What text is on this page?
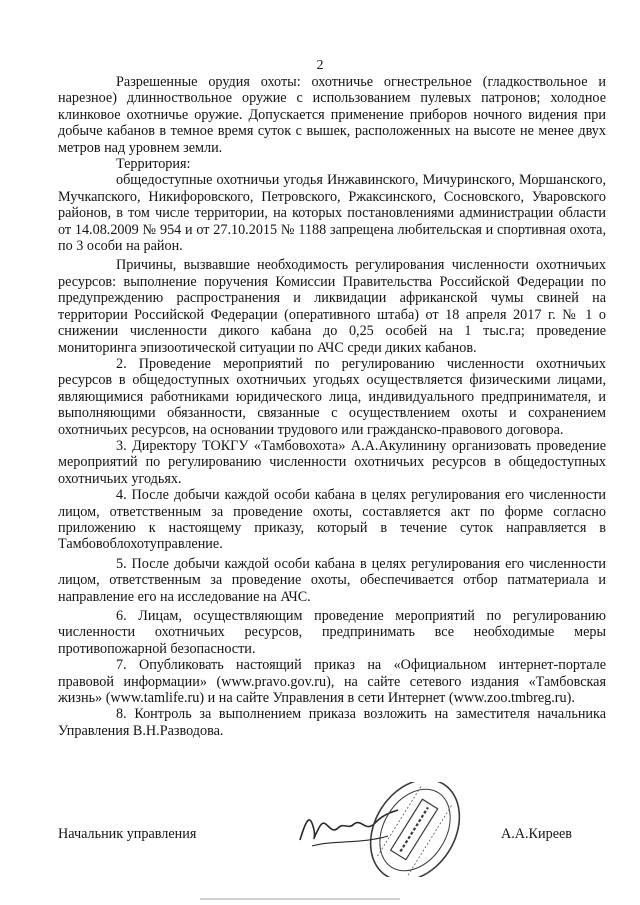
2

Разрешенные орудия охоты: охотничье огнестрельное (гладкоствольное и нарезное) длинноствольное оружие с использованием пулевых патронов; холодное клинковое охотничье оружие. Допускается применение приборов ночного видения при добыче кабанов в темное время суток с вышек, расположенных на высоте не менее двух метров над уровнем земли.

Территория:

общедоступные охотничьи угодья Инжавинского, Мичуринского, Моршанского, Мучкапского, Никифоровского, Петровского, Ржаксинского, Сосновского, Уваровского районов, в том числе территории, на которых постановлениями администрации области от 14.08.2009 № 954 и от 27.10.2015 № 1188 запрещена любительская и спортивная охота, по 3 особи на район.

Причины, вызвавшие необходимость регулирования численности охотничьих ресурсов: выполнение поручения Комиссии Правительства Российской Федерации по предупреждению распространения и ликвидации африканской чумы свиней на территории Российской Федерации (оперативного штаба) от 18 апреля 2017 г. № 1 о снижении численности дикого кабана до 0,25 особей на 1 тыс.га; проведение мониторинга эпизоотической ситуации по АЧС среди диких кабанов.

2. Проведение мероприятий по регулированию численности охотничьих ресурсов в общедоступных охотничьих угодьях осуществляется физическими лицами, являющимися работниками юридического лица, индивидуального предпринимателя, и выполняющими обязанности, связанные с осуществлением охоты и сохранением охотничьих ресурсов, на основании трудового или гражданско-правового договора.

3. Директору ТОКГУ «Тамбовохота» А.А.Акулинину организовать проведение мероприятий по регулированию численности охотничьих ресурсов в общедоступных охотничьих угодьях.

4. После добычи каждой особи кабана в целях регулирования его численности лицом, ответственным за проведение охоты, составляется акт по форме согласно приложению к настоящему приказу, который в течение суток направляется в Тамбовоблохотуправление.

5. После добычи каждой особи кабана в целях регулирования его численности лицом, ответственным за проведение охоты, обеспечивается отбор патматериала и направление его на исследование на АЧС.

6. Лицам, осуществляющим проведение мероприятий по регулированию численности охотничьих ресурсов, предпринимать все необходимые меры противопожарной безопасности.

7. Опубликовать настоящий приказ на «Официальном интернет-портале правовой информации» (www.pravo.gov.ru), на сайте сетевого издания «Тамбовская жизнь» (www.tamlife.ru) и на сайте Управления в сети Интернет (www.zoo.tmbreg.ru).

8. Контроль за выполнением приказа возложить на заместителя начальника Управления В.Н.Разводова.

Начальник управления	А.А.Киреев
